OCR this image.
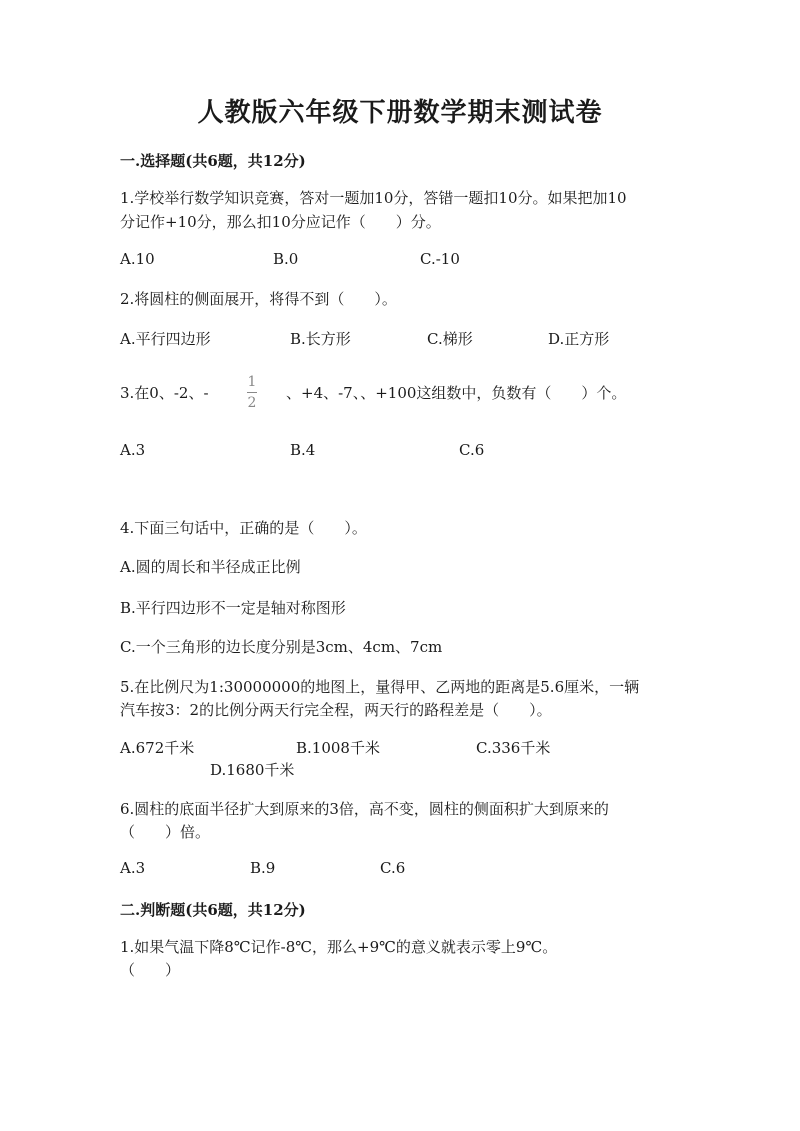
人教版六年级下册数学期末测试卷
一.选择题(共6题，共12分)
1.学校举行数学知识竞赛，答对一题加10分，答错一题扣10分。如果把加10
分记作+10分，那么扣10分应记作（　　）分。
A.10	B.0	C.-10
2.将圆柱的侧面展开，将得不到（　　）。
A.平行四边形	B.长方形	C.梯形	D.正方形
3.在0、-2、-
1
2
、+4、-7、、+100这组数中，负数有（　　）个。
A.3	B.4	C.6
4.下面三句话中，正确的是（　　）。
A.圆的周长和半径成正比例
B.平行四边形不一定是轴对称图形
C.一个三角形的边长度分别是3cm、4cm、7cm
5.在比例尺为1:30000000的地图上，量得甲、乙两地的距离是5.6厘米，一辆
汽车按3：2的比例分两天行完全程，两天行的路程差是（　　）。
A.672千米	B.1008千米	C.336千米
D.1680千米
6.圆柱的底面半径扩大到原来的3倍，高不变，圆柱的侧面积扩大到原来的
（　　）倍。
A.3	B.9	C.6
二.判断题(共6题，共12分)
1.如果气温下降8℃记作-8℃，那么+9℃的意义就表示零上9℃。
（　　）
